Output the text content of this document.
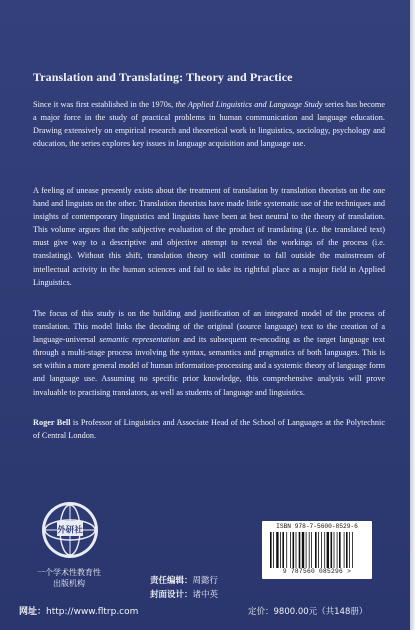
Translation and Translating: Theory and Practice

Since it was first established in the 1970s, the Applied Linguistics and Language Study series has become a major force in the study of practical problems in human communication and language education. Drawing extensively on empirical research and theoretical work in linguistics, sociology, psychology and education, the series explores key issues in language acquisition and language use.

A feeling of unease presently exists about the treatment of translation by translation theorists on the one hand and linguists on the other. Translation theorists have made little systematic use of the techniques and insights of contemporary linguistics and linguists have been at best neutral to the theory of translation. This volume argues that the subjective evaluation of the product of translating (i.e. the translated text) must give way to a descriptive and objective attempt to reveal the workings of the process (i.e. translating). Without this shift, translation theory will continue to fall outside the mainstream of intellectual activity in the human sciences and fail to take its rightful place as a major field in Applied Linguistics.

The focus of this study is on the building and justification of an integrated model of the process of translation. This model links the decoding of the original (source language) text to the creation of a language-universal semantic representation and its subsequent re-encoding as the target language text through a multi-stage process involving the syntax, semantics and pragmatics of both languages. This is set within a more general model of human information-processing and a systemic theory of language form and language use. Assuming no specific prior knowledge, this comprehensive analysis will prove invaluable to practising translators, as well as students of language and linguistics.

Roger Bell is Professor of Linguistics and Associate Head of the School of Languages at the Polytechnic of Central London.

外研社
一个学术性教育性
出版机构	责任编辑：周懿行
封面设计：诸中英
ISBN 978-7-5600-8529-6
9 787560 085296 >
网址：http://www.fltrp.com	定价：9800.00元（共148册）
